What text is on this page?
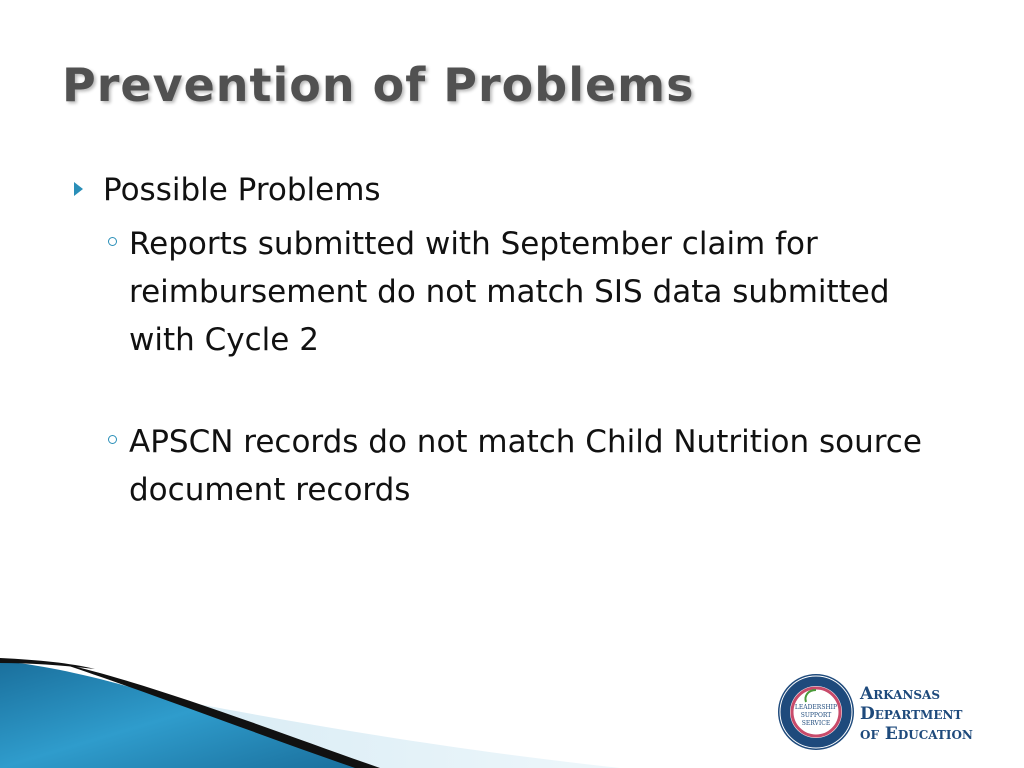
Prevention of Problems
Possible Problems
Reports submitted with September claim for reimbursement do not match SIS data submitted with Cycle 2
APSCN records do not match Child Nutrition source document records
LEADERSHIP
SUPPORT
SERVICE
Arkansas
Department
of Education
